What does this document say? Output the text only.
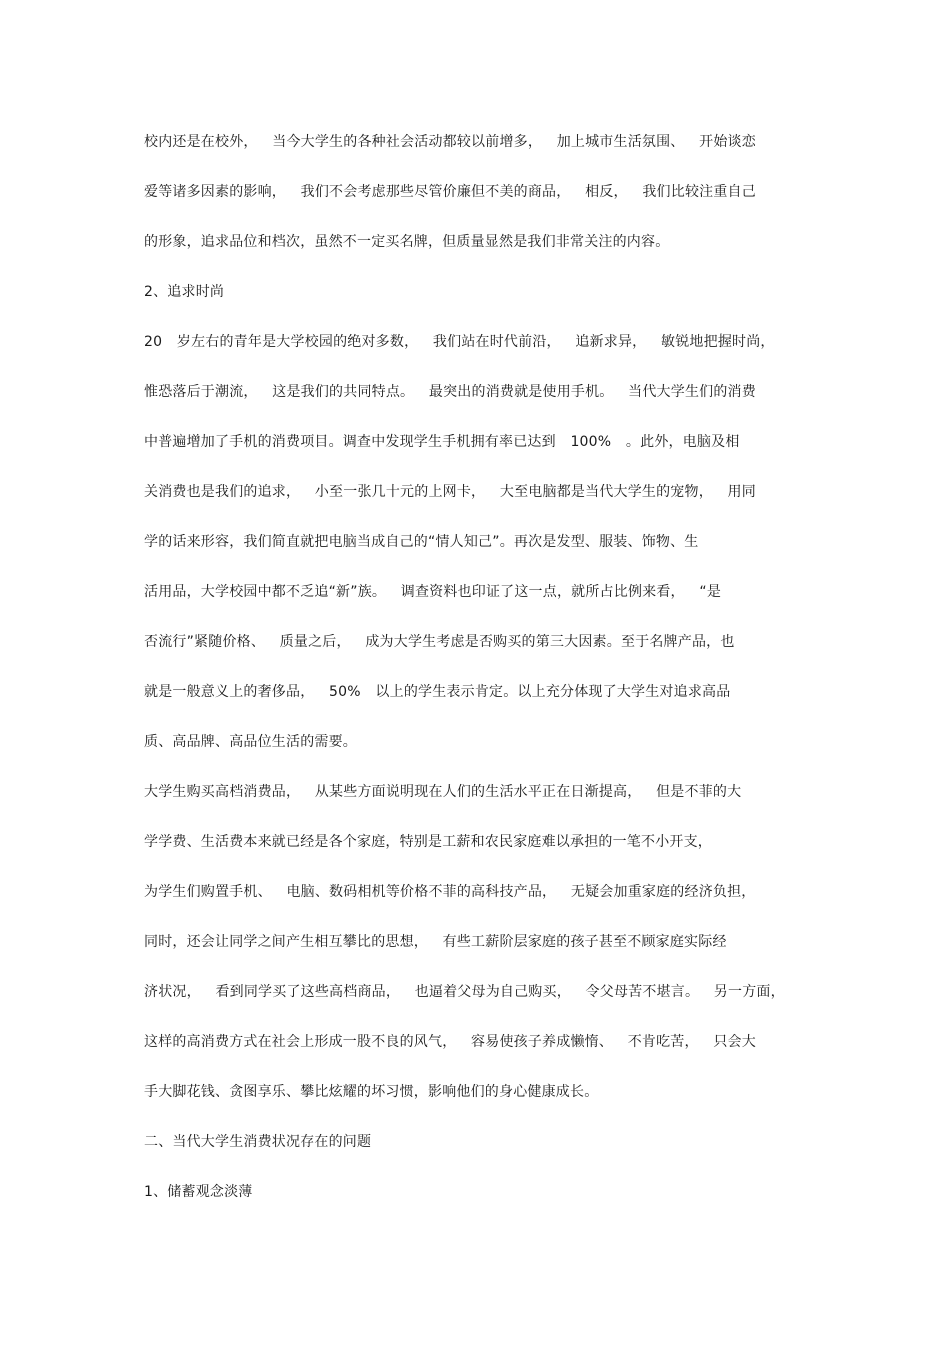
校内还是在校外， 当今大学生的各种社会活动都较以前增多， 加上城市生活氛围、 开始谈恋
爱等诸多因素的影响， 我们不会考虑那些尽管价廉但不美的商品， 相反， 我们比较注重自己
的形象，追求品位和档次，虽然不一定买名牌，但质量显然是我们非常关注的内容。
2、追求时尚
20 岁左右的青年是大学校园的绝对多数， 我们站在时代前沿， 追新求异， 敏锐地把握时尚，
惟恐落后于潮流， 这是我们的共同特点。 最突出的消费就是使用手机。 当代大学生们的消费
中普遍增加了手机的消费项目。调查中发现学生手机拥有率已达到 100% 。此外，电脑及相
关消费也是我们的追求， 小至一张几十元的上网卡， 大至电脑都是当代大学生的宠物， 用同
学的话来形容，我们简直就把电脑当成自己的“情人知己”。再次是发型、服装、饰物、生
活用品，大学校园中都不乏追“新”族。 调查资料也印证了这一点，就所占比例来看， “是
否流行”紧随价格、 质量之后， 成为大学生考虑是否购买的第三大因素。至于名牌产品，也
就是一般意义上的奢侈品， 50% 以上的学生表示肯定。以上充分体现了大学生对追求高品
质、高品牌、高品位生活的需要。
大学生购买高档消费品， 从某些方面说明现在人们的生活水平正在日渐提高， 但是不菲的大
学学费、生活费本来就已经是各个家庭，特别是工薪和农民家庭难以承担的一笔不小开支，
为学生们购置手机、 电脑、数码相机等价格不菲的高科技产品， 无疑会加重家庭的经济负担，
同时，还会让同学之间产生相互攀比的思想， 有些工薪阶层家庭的孩子甚至不顾家庭实际经
济状况， 看到同学买了这些高档商品， 也逼着父母为自己购买， 令父母苦不堪言。 另一方面，
这样的高消费方式在社会上形成一股不良的风气， 容易使孩子养成懒惰、 不肯吃苦， 只会大
手大脚花钱、贪图享乐、攀比炫耀的坏习惯，影响他们的身心健康成长。
二、当代大学生消费状况存在的问题
1、储蓄观念淡薄
